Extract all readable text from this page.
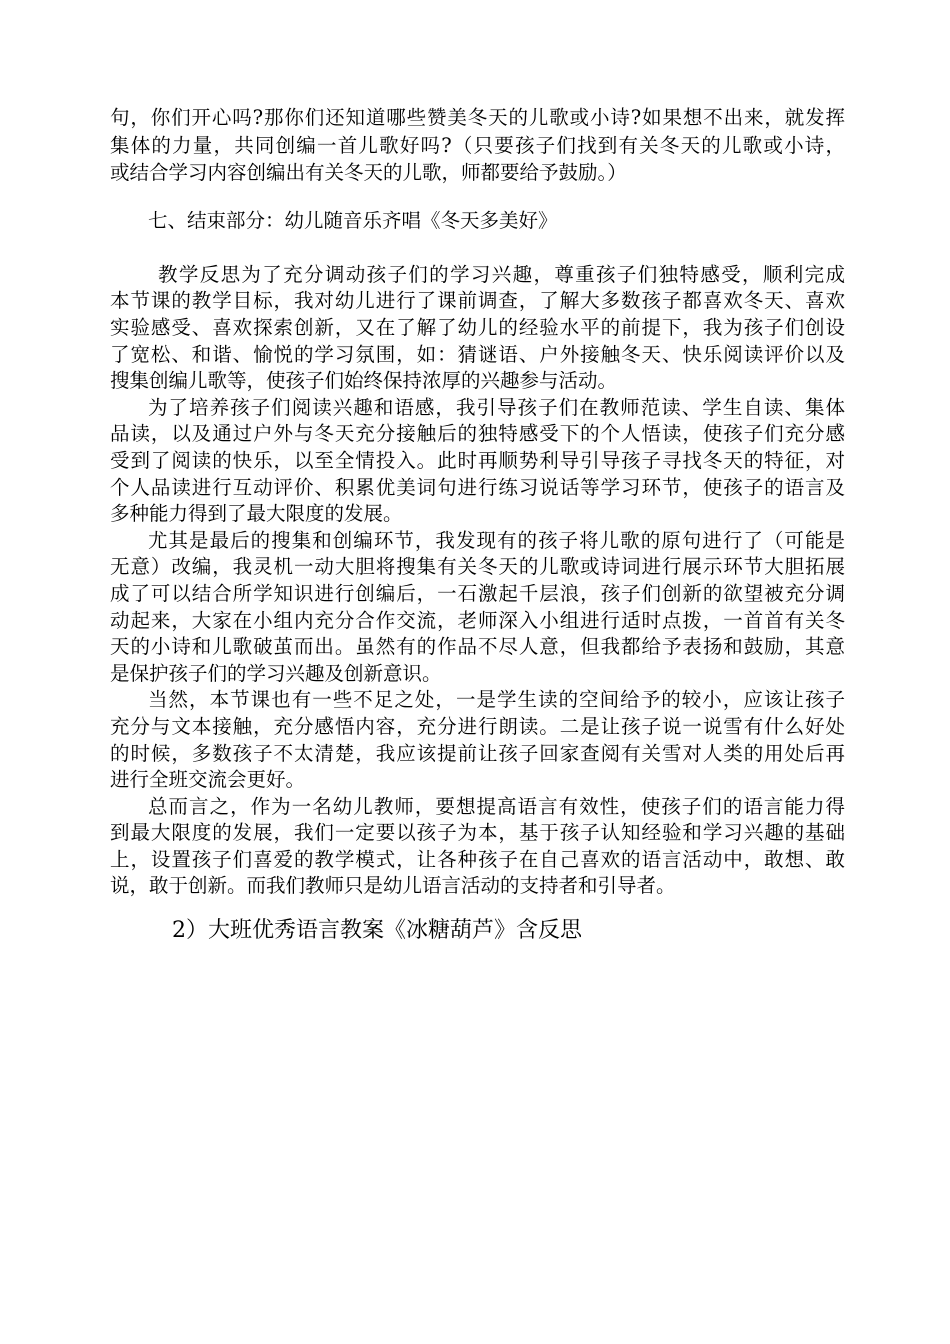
句，你们开心吗?那你们还知道哪些赞美冬天的儿歌或小诗?如果想不出来，就发挥
集体的力量，共同创编一首儿歌好吗?（只要孩子们找到有关冬天的儿歌或小诗，
或结合学习内容创编出有关冬天的儿歌，师都要给予鼓励。）
七、结束部分：幼儿随音乐齐唱《冬天多美好》
教学反思为了充分调动孩子们的学习兴趣，尊重孩子们独特感受，顺利完成
本节课的教学目标，我对幼儿进行了课前调查，了解大多数孩子都喜欢冬天、喜欢
实验感受、喜欢探索创新，又在了解了幼儿的经验水平的前提下，我为孩子们创设
了宽松、和谐、愉悦的学习氛围，如：猜谜语、户外接触冬天、快乐阅读评价以及
搜集创编儿歌等，使孩子们始终保持浓厚的兴趣参与活动。
为了培养孩子们阅读兴趣和语感，我引导孩子们在教师范读、学生自读、集体
品读，以及通过户外与冬天充分接触后的独特感受下的个人悟读，使孩子们充分感
受到了阅读的快乐，以至全情投入。此时再顺势利导引导孩子寻找冬天的特征，对
个人品读进行互动评价、积累优美词句进行练习说话等学习环节，使孩子的语言及
多种能力得到了最大限度的发展。
尤其是最后的搜集和创编环节，我发现有的孩子将儿歌的原句进行了（可能是
无意）改编，我灵机一动大胆将搜集有关冬天的儿歌或诗词进行展示环节大胆拓展
成了可以结合所学知识进行创编后，一石激起千层浪，孩子们创新的欲望被充分调
动起来，大家在小组内充分合作交流，老师深入小组进行适时点拨，一首首有关冬
天的小诗和儿歌破茧而出。虽然有的作品不尽人意，但我都给予表扬和鼓励，其意
是保护孩子们的学习兴趣及创新意识。
当然，本节课也有一些不足之处，一是学生读的空间给予的较小，应该让孩子
充分与文本接触，充分感悟内容，充分进行朗读。二是让孩子说一说雪有什么好处
的时候，多数孩子不太清楚，我应该提前让孩子回家查阅有关雪对人类的用处后再
进行全班交流会更好。
总而言之，作为一名幼儿教师，要想提高语言有效性，使孩子们的语言能力得
到最大限度的发展，我们一定要以孩子为本，基于孩子认知经验和学习兴趣的基础
上，设置孩子们喜爱的教学模式，让各种孩子在自己喜欢的语言活动中，敢想、敢
说，敢于创新。而我们教师只是幼儿语言活动的支持者和引导者。
2）大班优秀语言教案《冰糖葫芦》含反思
